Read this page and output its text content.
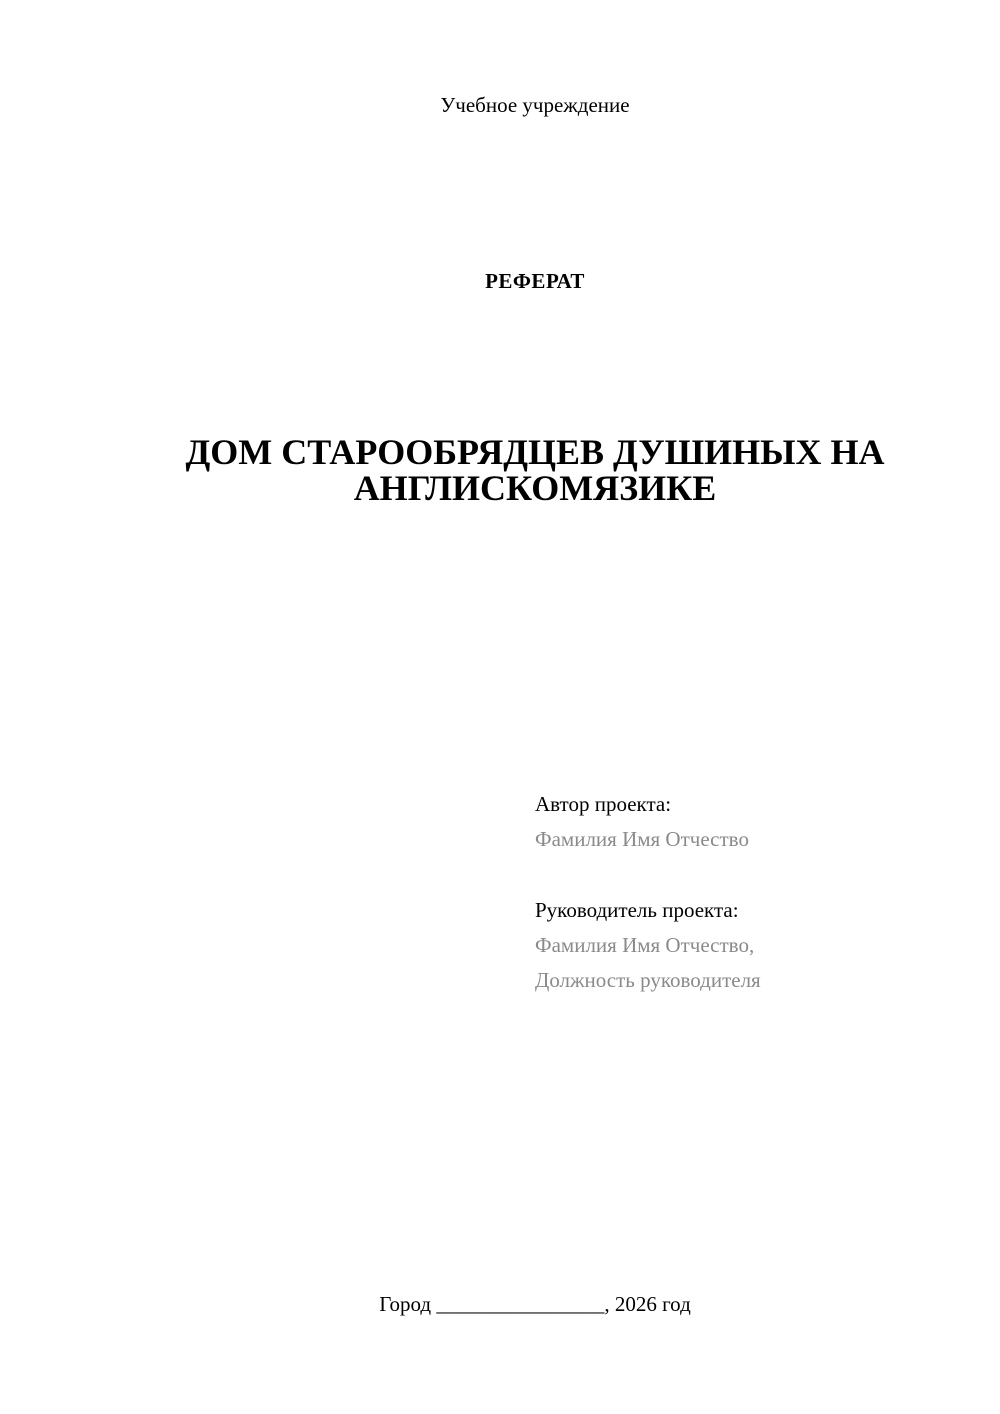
Учебное учреждение
РЕФЕРАТ
ДОМ СТАРООБРЯДЦЕВ ДУШИНЫХ НА
АНГЛИСКОМЯЗИКЕ
Автор проекта:
Фамилия Имя Отчество
Руководитель проекта:
Фамилия Имя Отчество,
Должность руководителя
Город ________________, 2026 год
